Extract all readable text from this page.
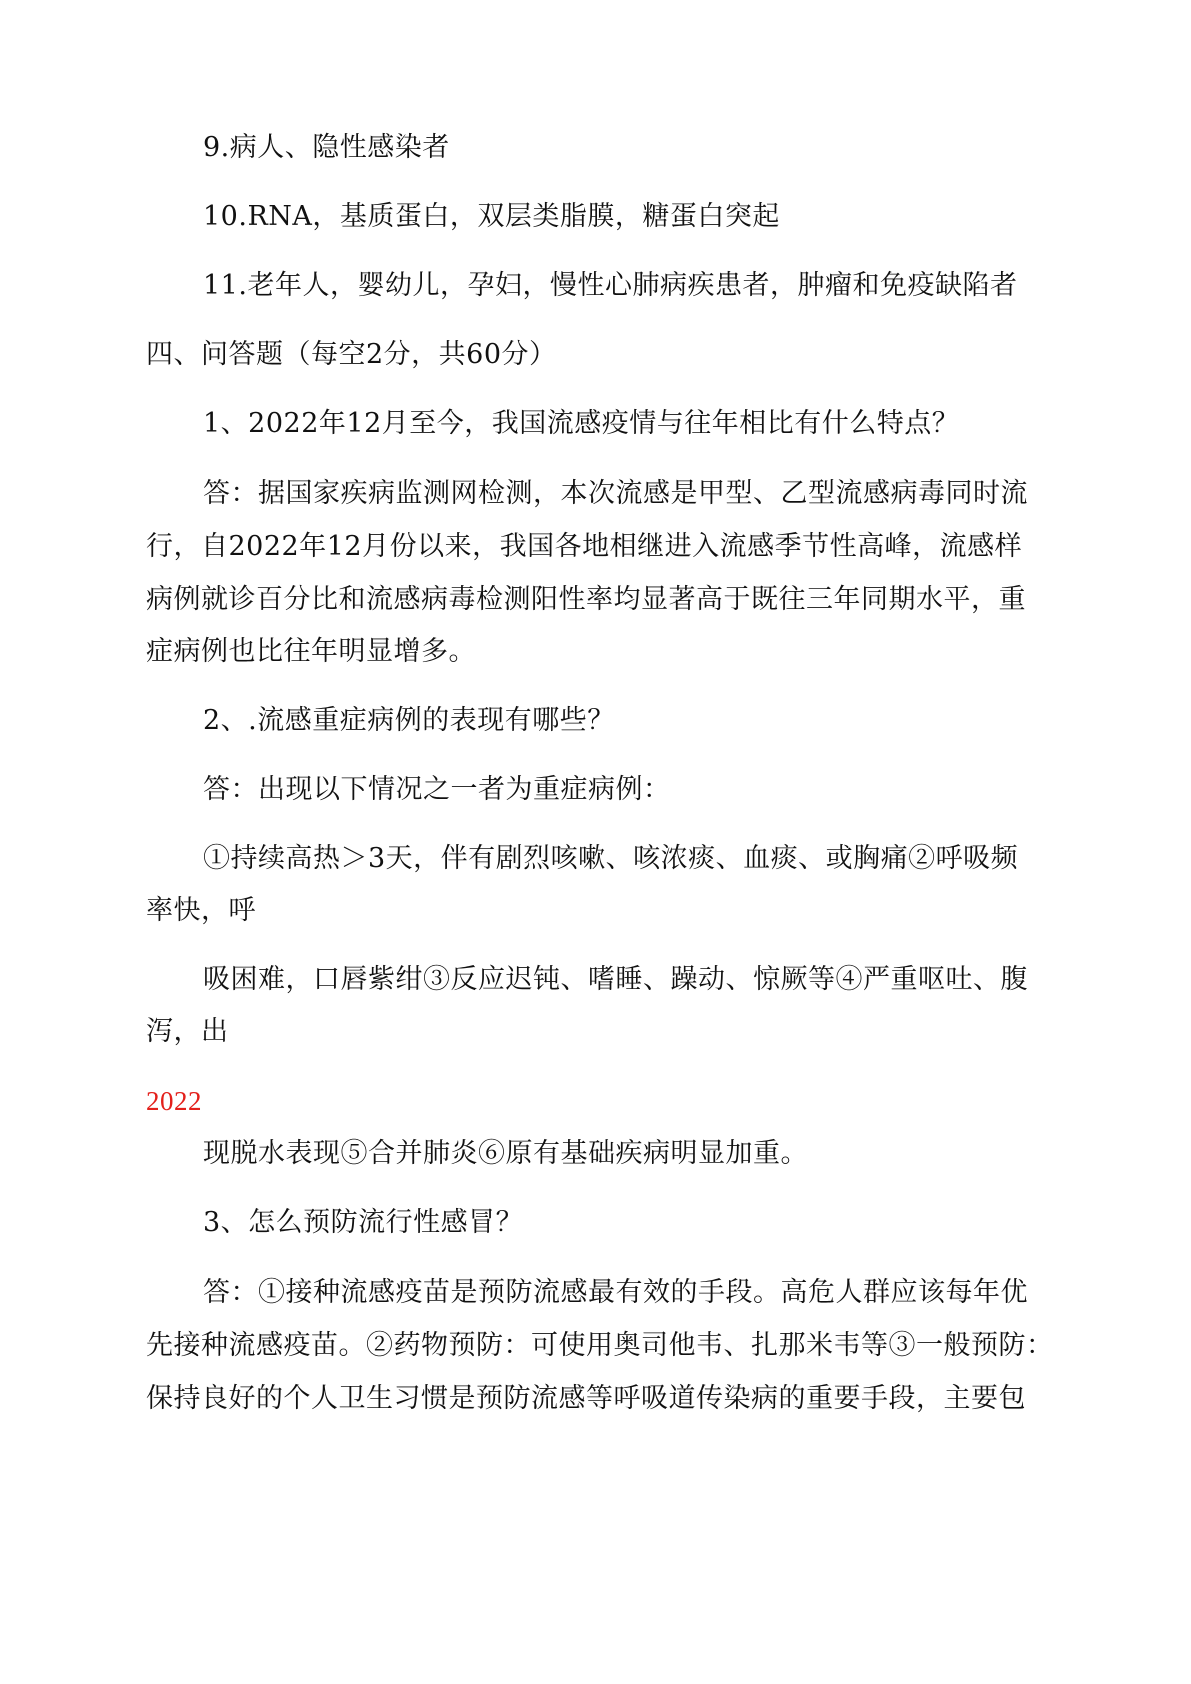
9.病人、隐性感染者
10.RNA，基质蛋白，双层类脂膜，糖蛋白突起
11.老年人，婴幼儿，孕妇，慢性心肺病疾患者，肿瘤和免疫缺陷者
四、问答题（每空2分，共60分）
1、2022年12月至今，我国流感疫情与往年相比有什么特点？
答：据国家疾病监测网检测，本次流感是甲型、乙型流感病毒同时流
行，自2022年12月份以来，我国各地相继进入流感季节性高峰，流感样
病例就诊百分比和流感病毒检测阳性率均显著高于既往三年同期水平，重
症病例也比往年明显增多。
2、.流感重症病例的表现有哪些？
答：出现以下情况之一者为重症病例：
①持续高热＞3天，伴有剧烈咳嗽、咳浓痰、血痰、或胸痛②呼吸频
率快，呼
吸困难，口唇紫绀③反应迟钝、嗜睡、躁动、惊厥等④严重呕吐、腹
泻，出
2022
现脱水表现⑤合并肺炎⑥原有基础疾病明显加重。
3、怎么预防流行性感冒？
答：①接种流感疫苗是预防流感最有效的手段。高危人群应该每年优
先接种流感疫苗。②药物预防：可使用奥司他韦、扎那米韦等③一般预防：
保持良好的个人卫生习惯是预防流感等呼吸道传染病的重要手段，主要包
